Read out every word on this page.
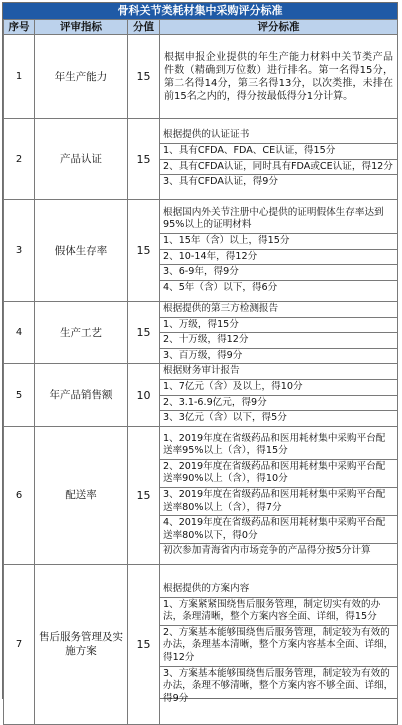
骨科关节类耗材集中采购评分标准
序号	评审指标	分值	评分标准
1	年生产能力	15	根据申报企业提供的年生产能力材料中关节类产品件数（精确到万位数）进行排名。第一名得15分，第二名得14分，第三名得13分，以次类推，未排在前15名之内的，得分按最低得分1分计算。

2	产品认证	15	根据提供的认证证书
1、具有CFDA、FDA、CE认证，得15分
2、具有CFDA认证，同时具有FDA或CE认证，得12分
3、具有CFDA认证，得9分

3	假体生存率	15	根据国内外关节注册中心提供的证明假体生存率达到95%以上的证明材料
1、15年（含）以上，得15分
2、10-14年，得12分
3、6-9年，得9分
4、5年（含）以下，得6分

4	生产工艺	15	根据提供的第三方检测报告
1、万级，得15分
2、十万级，得12分
3、百万级，得9分

5	年产品销售额	10	根据财务审计报告
1、7亿元（含）及以上，得10分
2、3.1-6.9亿元，得9分
3、3亿元（含）以下，得5分

6	配送率	15	1、2019年度在省级药品和医用耗材集中采购平台配送率95%以上（含），得15分
2、2019年度在省级药品和医用耗材集中采购平台配送率90%以上（含），得10分
3、2019年度在省级药品和医用耗材集中采购平台配送率80%以上（含），得7分
4、2019年度在省级药品和医用耗材集中采购平台配送率80%以下，得0分
初次参加青海省内市场竞争的产品得分按5分计算

7	售后服务管理及实施方案	15	根据提供的方案内容
1、方案紧紧围绕售后服务管理，制定切实有效的办法，条理清晰，整个方案内容全面、详细，得15分
2、方案基本能够围绕售后服务管理，制定较为有效的办法，条理基本清晰，整个方案内容基本全面、详细，得12分
3、方案基本能够围绕售后服务管理，制定较为有效的办法，条理不够清晰，整个方案内容不够全面、详细，得9分
